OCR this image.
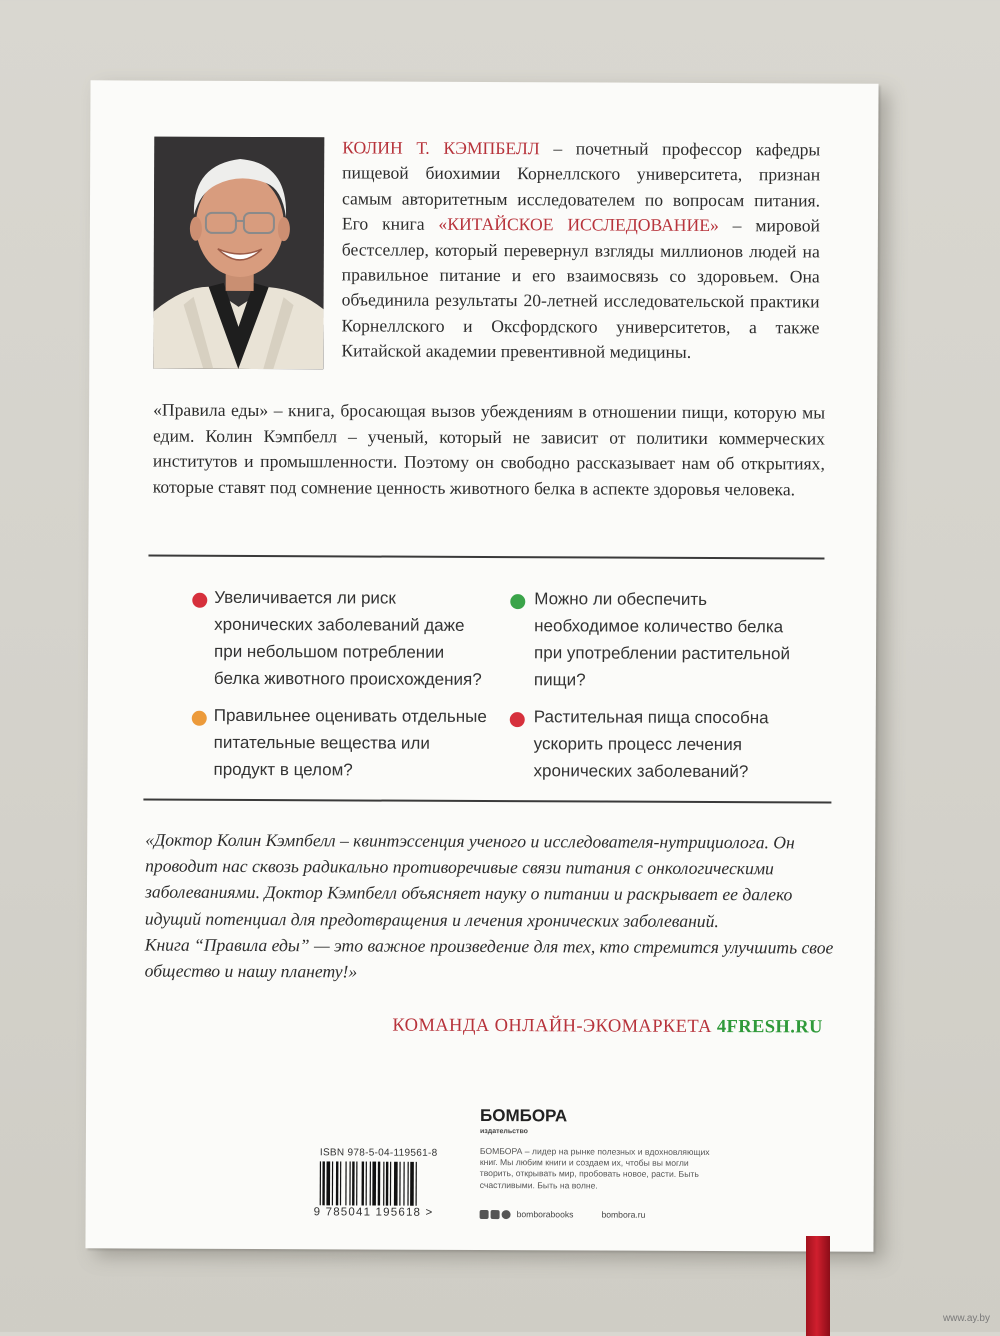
КОЛИН Т. КЭМПБЕЛЛ – почетный профессор кафедры пищевой биохимии Корнеллского университета, признан самым авторитетным исследователем по вопросам питания. Его книга «КИТАЙСКОЕ ИССЛЕДОВАНИЕ» – мировой бестселлер, который перевернул взгляды миллионов людей на правильное питание и его взаимосвязь со здоровьем. Она объединила результаты 20-летней исследовательской практики Корнеллского и Оксфордского университетов, а также Китайской академии превентивной медицины.

«Правила еды» – книга, бросающая вызов убеждениям в отношении пищи, которую мы едим. Колин Кэмпбелл – ученый, который не зависит от политики коммерческих институтов и промышленности. Поэтому он свободно рассказывает нам об открытиях, которые ставят под сомнение ценность животного белка в аспекте здоровья человека.

Увеличивается ли риск хронических заболеваний даже при небольшом потреблении белка животного происхождения?

Можно ли обеспечить необходимое количество белка при употреблении растительной пищи?

Правильнее оценивать отдельные питательные вещества или продукт в целом?

Растительная пища способна ускорить процесс лечения хронических заболеваний?

«Доктор Колин Кэмпбелл – квинтэссенция ученого и исследователя-нутрициолога. Он проводит нас сквозь радикально противоречивые связи питания с онкологическими заболеваниями. Доктор Кэмпбелл объясняет науку о питании и раскрывает ее далеко идущий потенциал для предотвращения и лечения хронических заболеваний.
Книга “Правила еды” — это важное произведение для тех, кто стремится улучшить свое общество и нашу планету!»
КОМАНДА ОНЛАЙН-ЭКОМАРКЕТА 4FRESH.RU
ISBN 978-5-04-119561-8
9 785041 195618 >
БОМБОРА
издательство

БОМБОРА – лидер на рынке полезных и вдохновляющих книг. Мы любим книги и создаем их, чтобы вы могли творить, открывать мир, пробовать новое, расти. Быть счастливыми. Быть на волне.

bomborabooks	bombora.ru
www.ay.by
